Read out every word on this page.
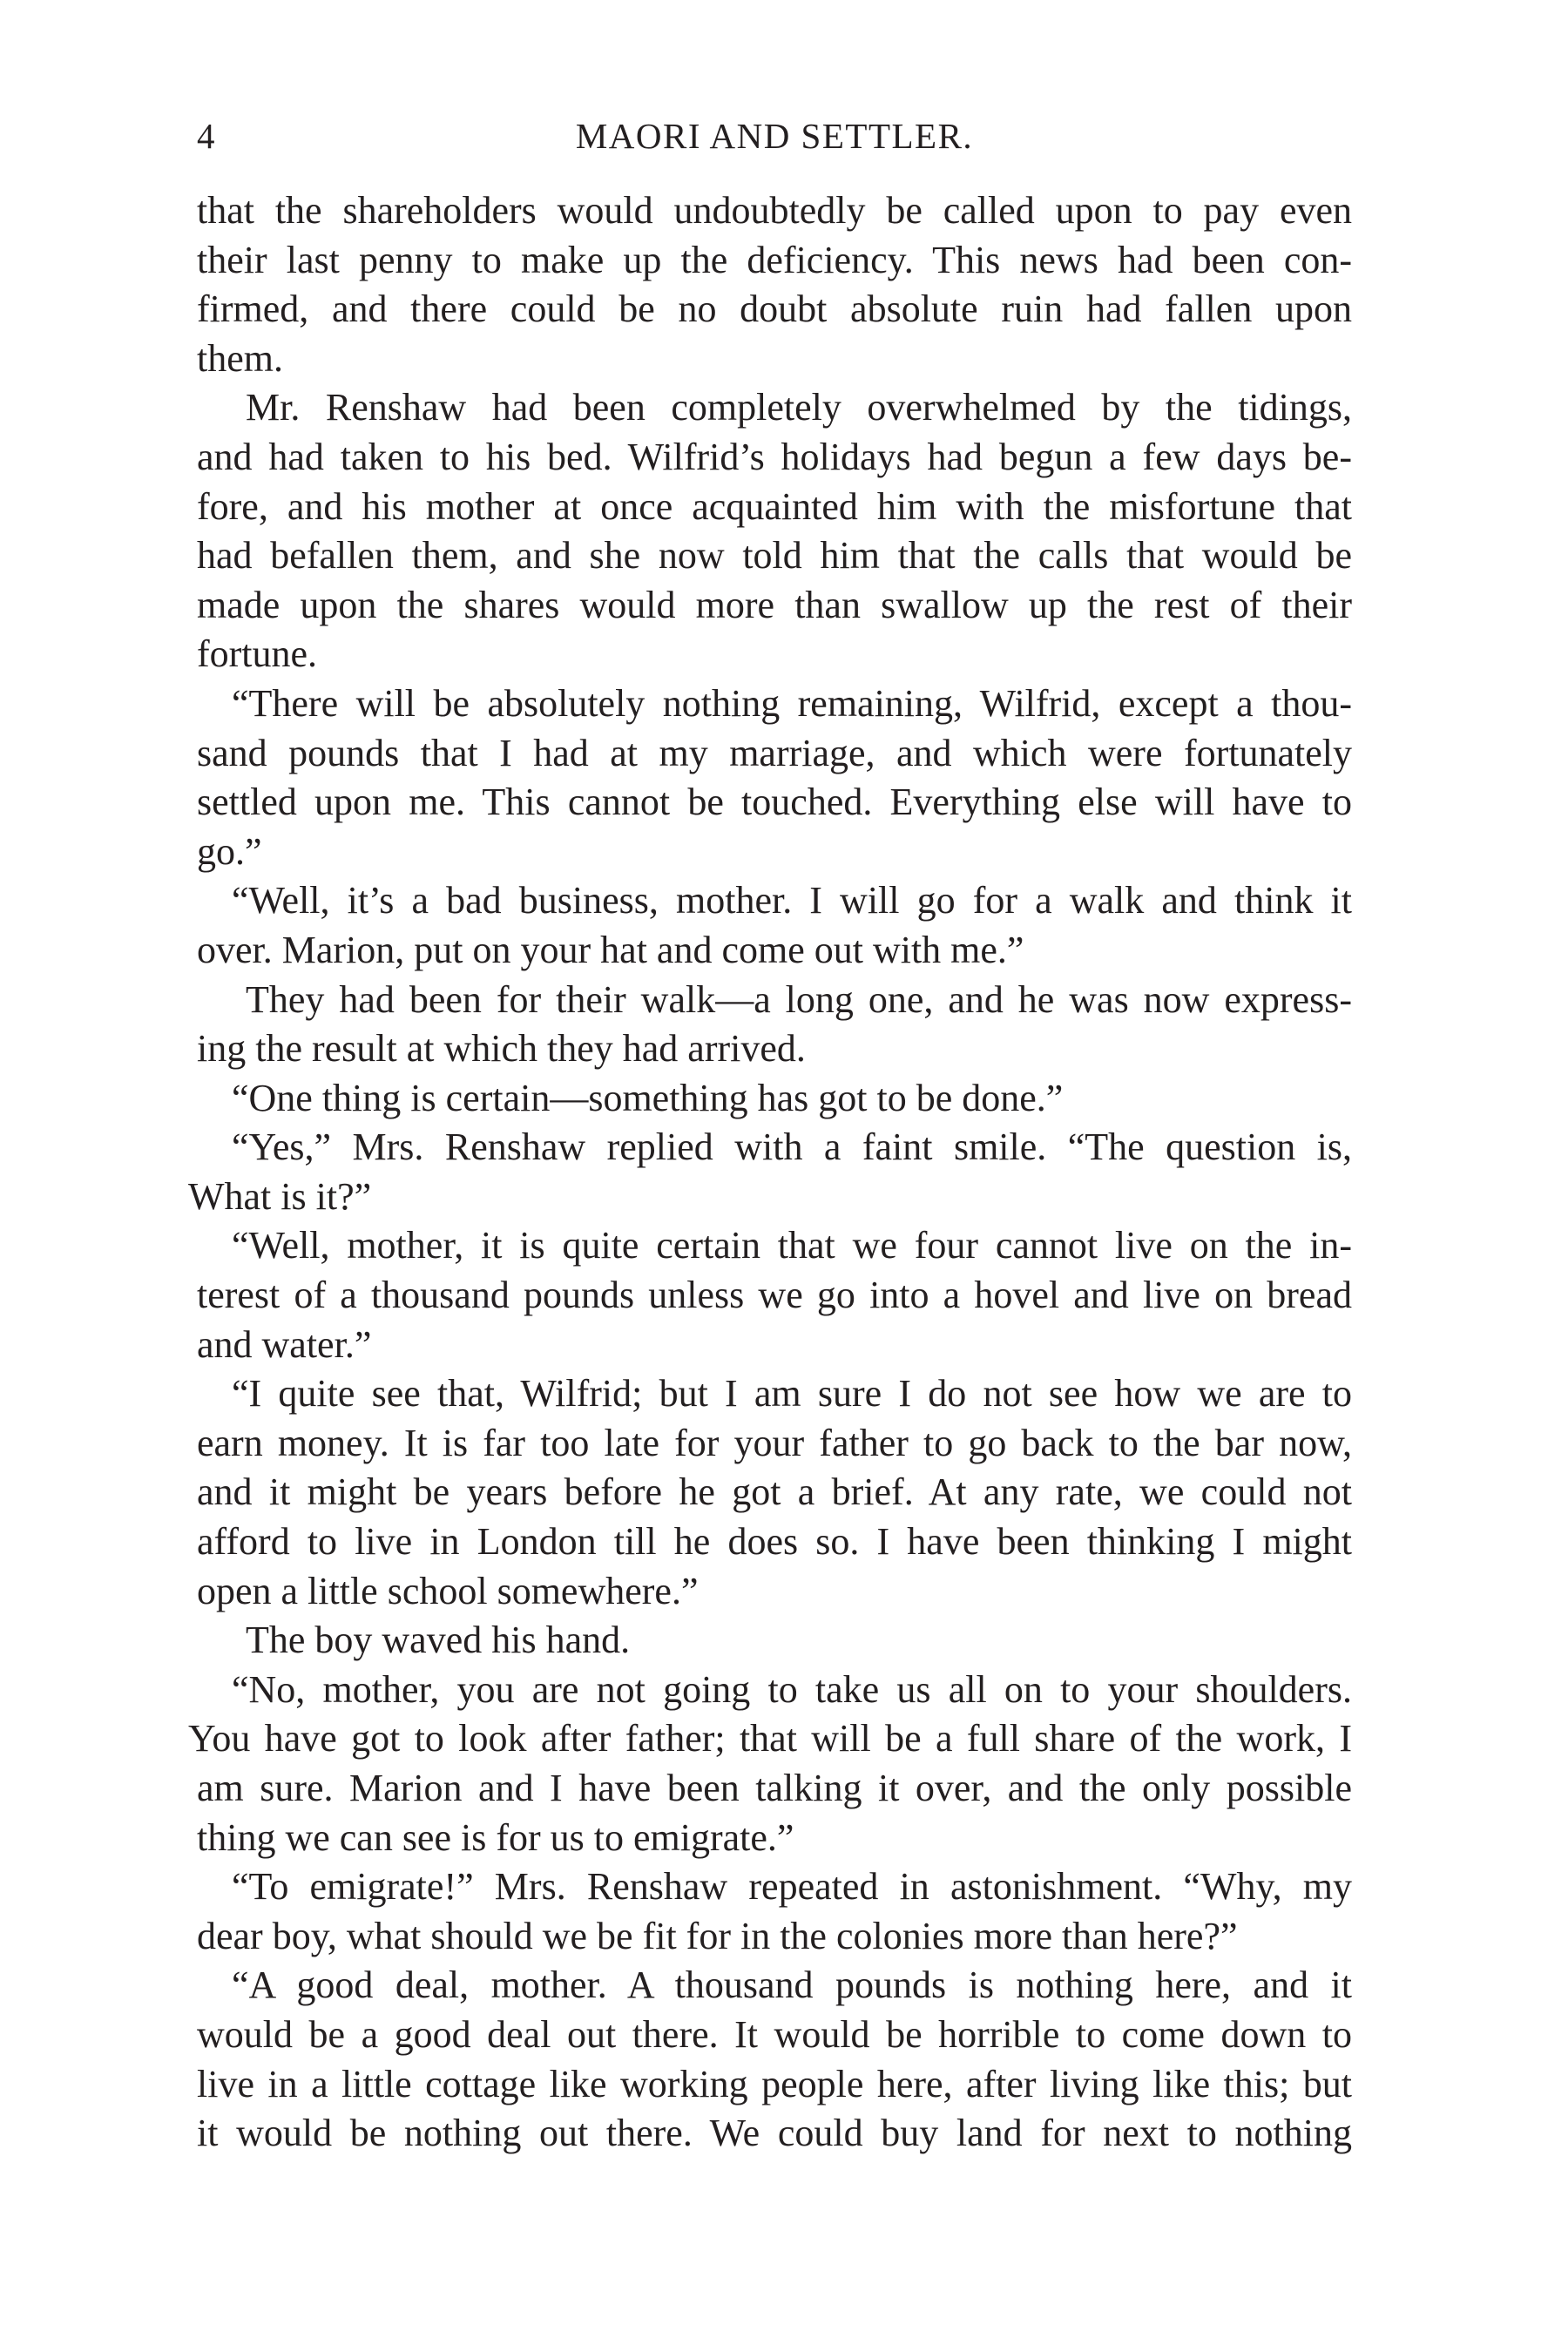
4	MAORI AND SETTLER.
that the shareholders would undoubtedly be called upon to pay even
their last penny to make up the deficiency. This news had been con-
firmed, and there could be no doubt absolute ruin had fallen upon
them.
Mr. Renshaw had been completely overwhelmed by the tidings,
and had taken to his bed. Wilfrid’s holidays had begun a few days be-
fore, and his mother at once acquainted him with the misfortune that
had befallen them, and she now told him that the calls that would be
made upon the shares would more than swallow up the rest of their
fortune.
“There will be absolutely nothing remaining, Wilfrid, except a thou-
sand pounds that I had at my marriage, and which were fortunately
settled upon me. This cannot be touched. Everything else will have to
go.”
“Well, it’s a bad business, mother. I will go for a walk and think it
over. Marion, put on your hat and come out with me.”
They had been for their walk—a long one, and he was now express-
ing the result at which they had arrived.
“One thing is certain—something has got to be done.”
“Yes,” Mrs. Renshaw replied with a faint smile. “The question is,
What is it?”
“Well, mother, it is quite certain that we four cannot live on the in-
terest of a thousand pounds unless we go into a hovel and live on bread
and water.”
“I quite see that, Wilfrid; but I am sure I do not see how we are to
earn money. It is far too late for your father to go back to the bar now,
and it might be years before he got a brief. At any rate, we could not
afford to live in London till he does so. I have been thinking I might
open a little school somewhere.”
The boy waved his hand.
“No, mother, you are not going to take us all on to your shoulders.
You have got to look after father; that will be a full share of the work, I
am sure. Marion and I have been talking it over, and the only possible
thing we can see is for us to emigrate.”
“To emigrate!” Mrs. Renshaw repeated in astonishment. “Why, my
dear boy, what should we be fit for in the colonies more than here?”
“A good deal, mother. A thousand pounds is nothing here, and it
would be a good deal out there. It would be horrible to come down to
live in a little cottage like working people here, after living like this; but
it would be nothing out there. We could buy land for next to nothing
